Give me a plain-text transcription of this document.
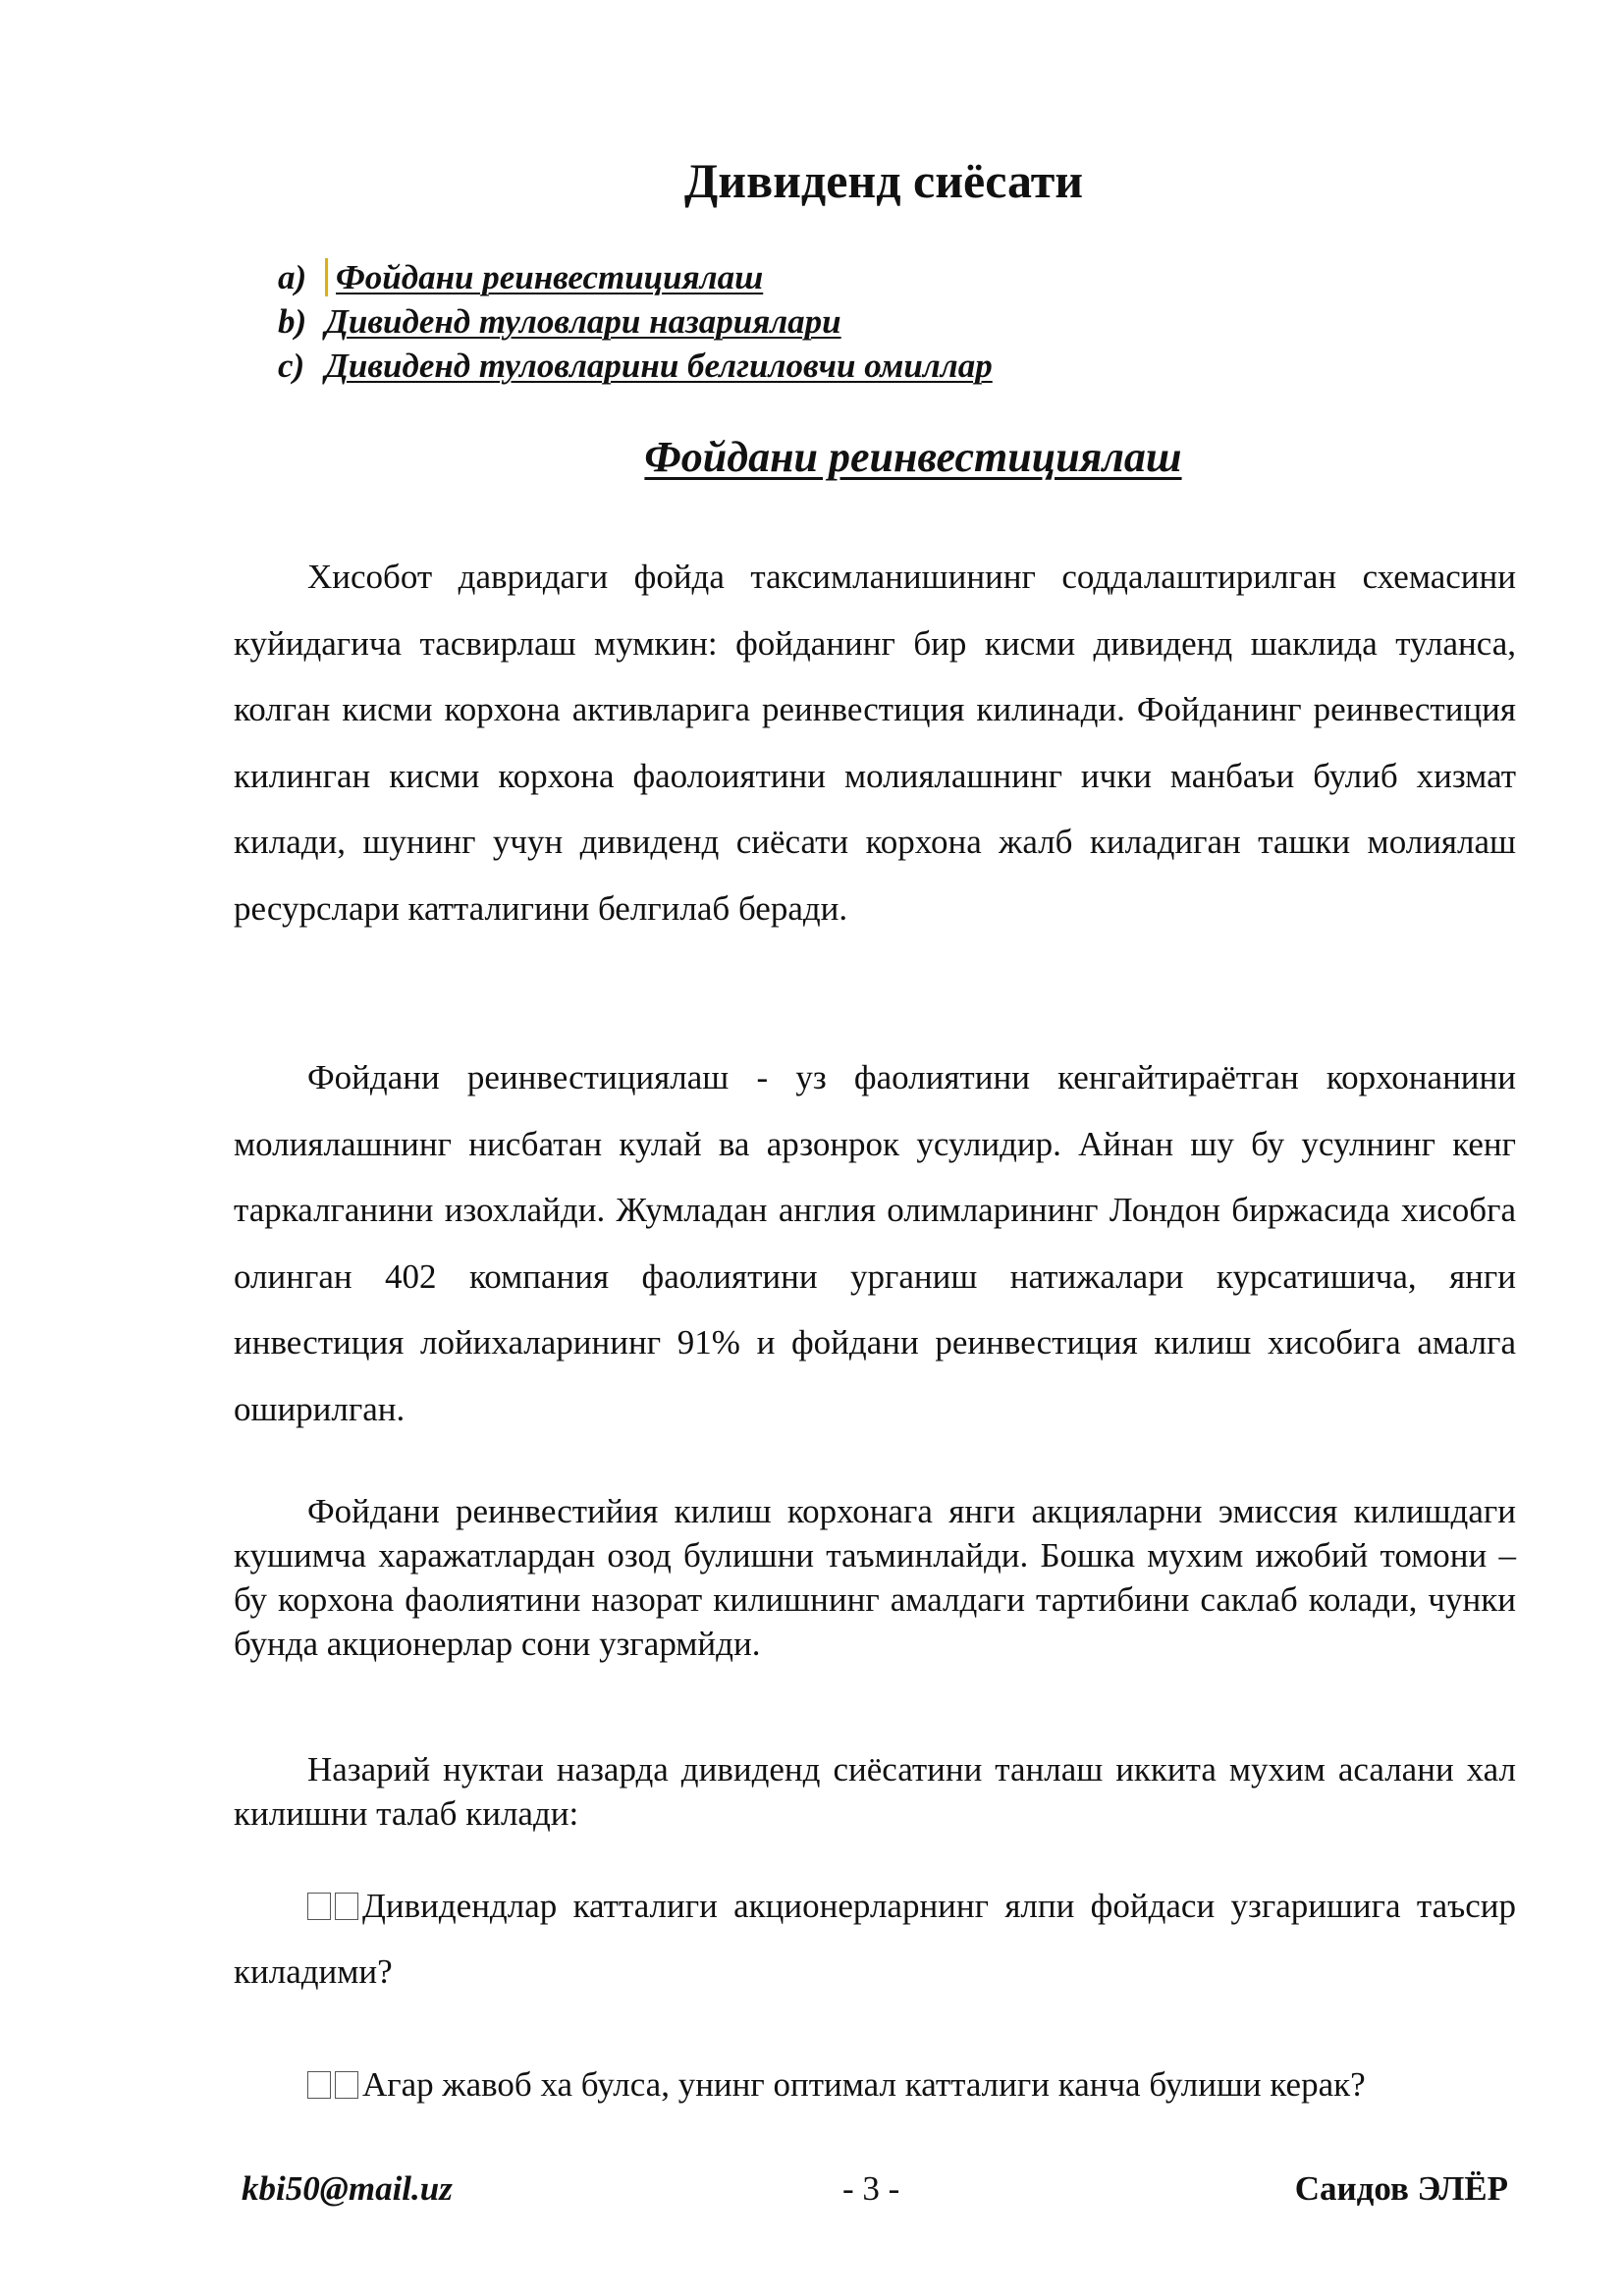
Дивиденд сиёсати
a) Фойдани реинвестициялаш
b) Дивиденд туловлари назариялари
c) Дивиденд туловларини белгиловчи омиллар
Фойдани реинвестициялаш

Хисобот давридаги фойда таксимланишининг соддалаштирилган схемасини куйидагича тасвирлаш мумкин: фойданинг бир кисми дивиденд шаклида туланса, колган кисми корхона активларига реинвестиция килинади. Фойданинг реинвестиция килинган кисми корхона фаолоиятини молиялашнинг ички манбаъи булиб хизмат килади, шунинг учун дивиденд сиёсати корхона жалб киладиган ташки молиялаш ресурслари катталигини белгилаб беради.

Фойдани реинвестициялаш - уз фаолиятини кенгайтираётган корхонанини молиялашнинг нисбатан кулай ва арзонрок усулидир. Айнан шу бу усулнинг кенг таркалганини изохлайди. Жумладан англия олимларининг Лондон биржасида хисобга олинган 402 компания фаолиятини урганиш натижалари курсатишича, янги инвестиция лойихаларининг 91% и фойдани реинвестиция килиш хисобига амалга оширилган.

Фойдани реинвестийия килиш корхонага янги акцияларни эмиссия килишдаги кушимча харажатлардан озод булишни таъминлайди. Бошка мухим ижобий томони – бу корхона фаолиятини назорат килишнинг амалдаги тартибини саклаб колади, чунки бунда акционерлар сони узгармйди.

Назарий нуктаи назарда дивиденд сиёсатини танлаш иккита мухим асалани хал килишни талаб килади:

Дивидендлар катталиги акционерларнинг ялпи фойдаси узгаришига таъсир киладими?

Агар жавоб ха булса, унинг оптимал катталиги канча булиши керак?

kbi50@mail.uz	- 3 -	Саидов ЭЛЁР
